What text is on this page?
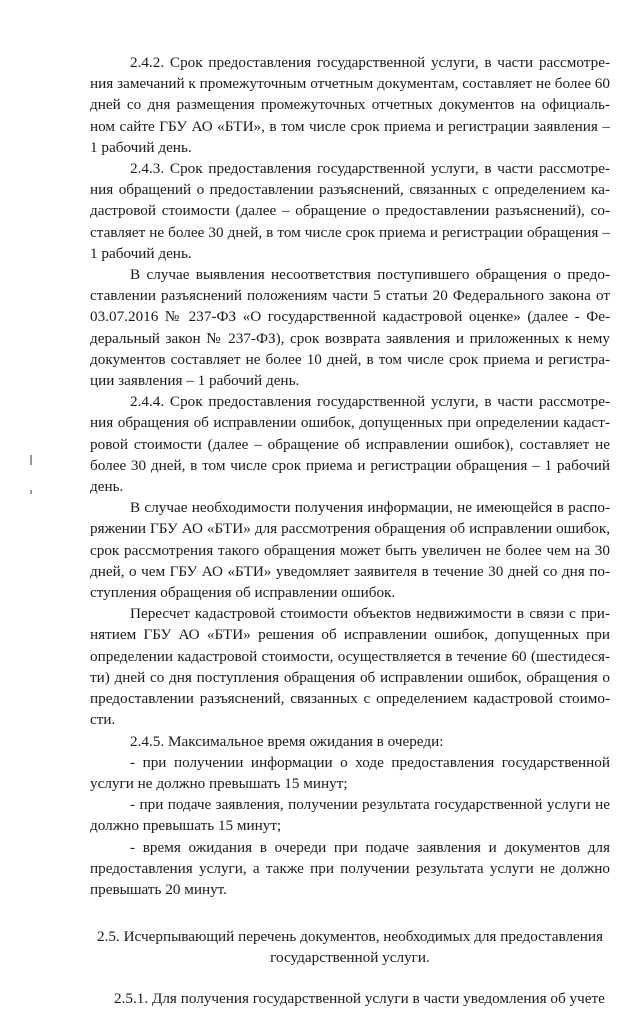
2.4.2. Срок предоставления государственной услуги, в части рассмотрения замечаний к промежуточным отчетным документам, составляет не более 60 дней со дня размещения промежуточных отчетных документов на официальном сайте ГБУ АО «БТИ», в том числе срок приема и регистрации заявления – 1 рабочий день.

2.4.3. Срок предоставления государственной услуги, в части рассмотрения обращений о предоставлении разъяснений, связанных с определением кадастровой стоимости (далее – обращение о предоставлении разъяснений), составляет не более 30 дней, в том числе срок приема и регистрации обращения – 1 рабочий день.

В случае выявления несоответствия поступившего обращения о предоставлении разъяснений положениям части 5 статьи 20 Федерального закона от 03.07.2016 № 237-ФЗ «О государственной кадастровой оценке» (далее - Федеральный закон № 237-ФЗ), срок возврата заявления и приложенных к нему документов составляет не более 10 дней, в том числе срок приема и регистрации заявления – 1 рабочий день.

2.4.4. Срок предоставления государственной услуги, в части рассмотрения обращения об исправлении ошибок, допущенных при определении кадастровой стоимости (далее – обращение об исправлении ошибок), составляет не более 30 дней, в том числе срок приема и регистрации обращения – 1 рабочий день.

В случае необходимости получения информации, не имеющейся в распоряжении ГБУ АО «БТИ» для рассмотрения обращения об исправлении ошибок, срок рассмотрения такого обращения может быть увеличен не более чем на 30 дней, о чем ГБУ АО «БТИ» уведомляет заявителя в течение 30 дней со дня поступления обращения об исправлении ошибок.

Пересчет кадастровой стоимости объектов недвижимости в связи с принятием ГБУ АО «БТИ» решения об исправлении ошибок, допущенных при определении кадастровой стоимости, осуществляется в течение 60 (шестидесяти) дней со дня поступления обращения об исправлении ошибок, обращения о предоставлении разъяснений, связанных с определением кадастровой стоимости.

2.4.5. Максимальное время ожидания в очереди:

- при получении информации о ходе предоставления государственной услуги не должно превышать 15 минут;

- при подаче заявления, получении результата государственной услуги не должно превышать 15 минут;

- время ожидания в очереди при подаче заявления и документов для предоставления услуги, а также при получении результата услуги не должно превышать 20 минут.

2.5. Исчерпывающий перечень документов, необходимых для предоставления государственной услуги.

2.5.1. Для получения государственной услуги в части уведомления об учете
